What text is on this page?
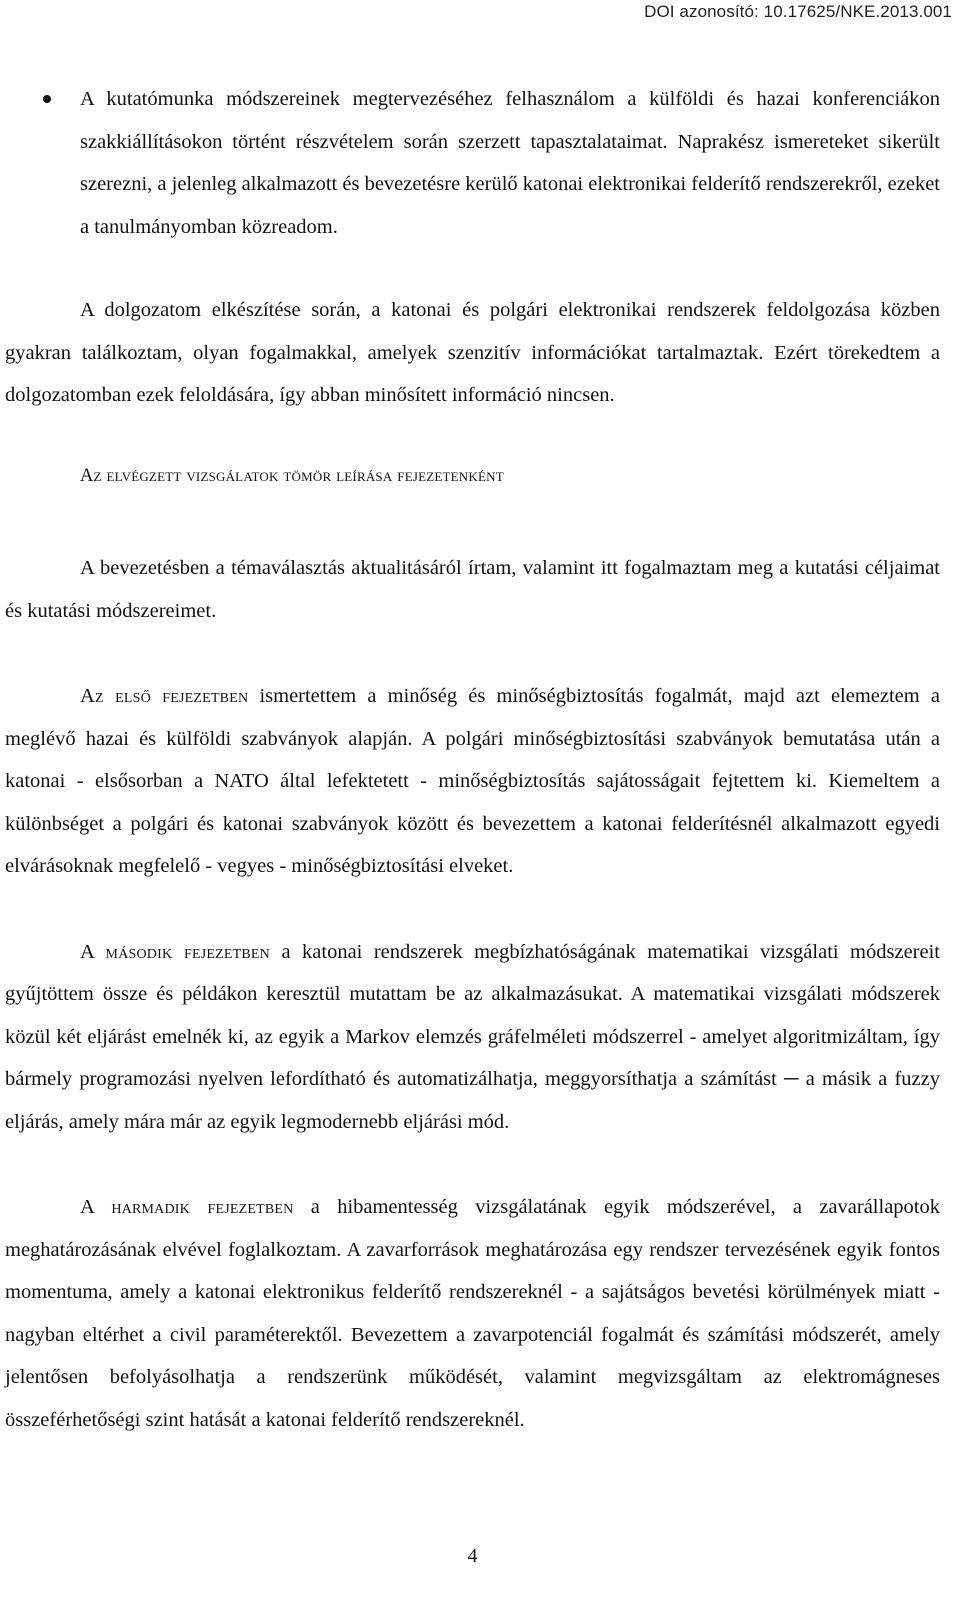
DOI azonosító: 10.17625/NKE.2013.001

A kutatómunka módszereinek megtervezéséhez felhasználom a külföldi és hazai konferenciákon szakkiállításokon történt részvételem során szerzett tapasztalataimat. Naprakész ismereteket sikerült szerezni, a jelenleg alkalmazott és bevezetésre kerülő katonai elektronikai felderítő rendszerekről, ezeket a tanulmányomban közreadom.

A dolgozatom elkészítése során, a katonai és polgári elektronikai rendszerek feldolgozása közben gyakran találkoztam, olyan fogalmakkal, amelyek szenzitív információkat tartalmaztak. Ezért törekedtem a dolgozatomban ezek feloldására, így abban minősített információ nincsen.

Az elvégzett vizsgálatok tömör leírása fejezetenként

A bevezetésben a témaválasztás aktualitásáról írtam, valamint itt fogalmaztam meg a kutatási céljaimat és kutatási módszereimet.

Az első fejezetben ismertettem a minőség és minőségbiztosítás fogalmát, majd azt elemeztem a meglévő hazai és külföldi szabványok alapján. A polgári minőségbiztosítási szabványok bemutatása után a katonai - elsősorban a NATO által lefektetett - minőségbiztosítás sajátosságait fejtettem ki. Kiemeltem a különbséget a polgári és katonai szabványok között és bevezettem a katonai felderítésnél alkalmazott egyedi elvárásoknak megfelelő - vegyes - minőségbiztosítási elveket.

A második fejezetben a katonai rendszerek megbízhatóságának matematikai vizsgálati módszereit gyűjtöttem össze és példákon keresztül mutattam be az alkalmazásukat. A matematikai vizsgálati módszerek közül két eljárást emelnék ki, az egyik a Markov elemzés gráfelméleti módszerrel - amelyet algoritmizáltam, így bármely programozási nyelven lefordítható és automatizálhatja, meggyorsíthatja a számítást ─ a másik a fuzzy eljárás, amely mára már az egyik legmodernebb eljárási mód.

A harmadik fejezetben a hibamentesség vizsgálatának egyik módszerével, a zavarállapotok meghatározásának elvével foglalkoztam. A zavarforrások meghatározása egy rendszer tervezésének egyik fontos momentuma, amely a katonai elektronikus felderítő rendszereknél - a sajátságos bevetési körülmények miatt - nagyban eltérhet a civil paraméterektől. Bevezettem a zavarpotenciál fogalmát és számítási módszerét, amely jelentősen befolyásolhatja a rendszerünk működését, valamint megvizsgáltam az elektromágneses összeférhetőségi szint hatását a katonai felderítő rendszereknél.

4
